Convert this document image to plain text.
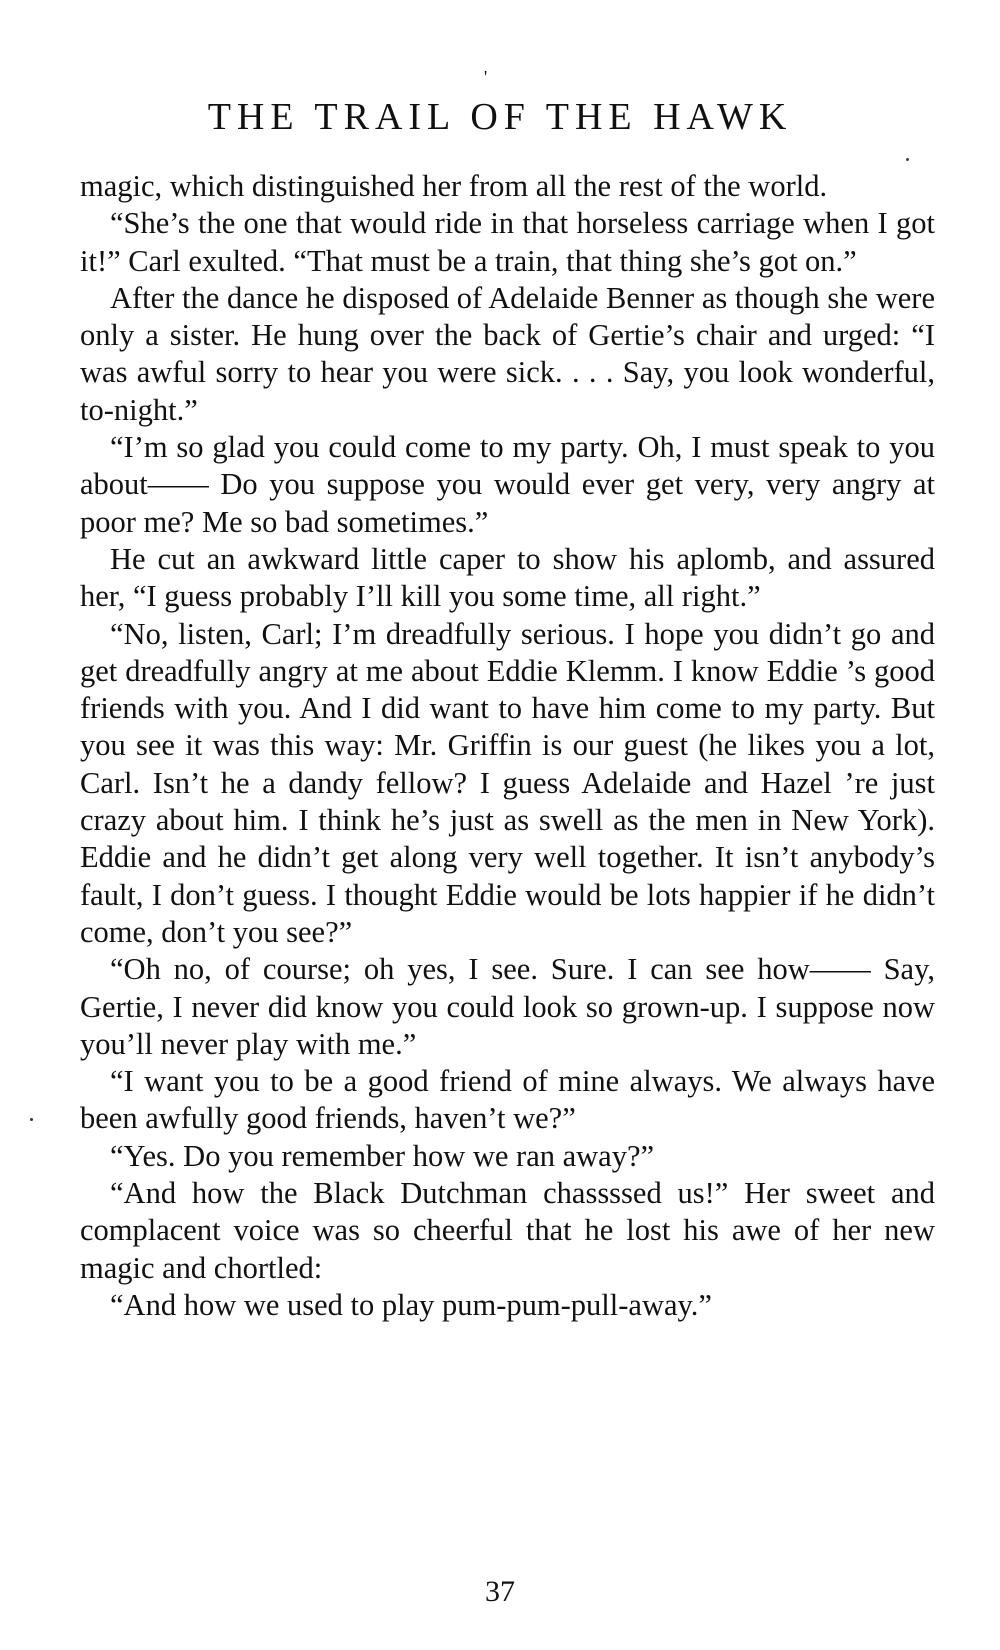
'
THE TRAIL OF THE HAWK

magic, which distinguished her from all the rest of the world.

“She’s the one that would ride in that horseless carriage when I got it!” Carl exulted. “That must be a train, that thing she’s got on.”

After the dance he disposed of Adelaide Benner as though she were only a sister. He hung over the back of Gertie’s chair and urged: “I was awful sorry to hear you were sick. . . . Say, you look wonderful, to-night.”

“I’m so glad you could come to my party. Oh, I must speak to you about—— Do you suppose you would ever get very, very angry at poor me? Me so bad sometimes.”

He cut an awkward little caper to show his aplomb, and assured her, “I guess probably I’ll kill you some time, all right.”

“No, listen, Carl; I’m dreadfully serious. I hope you didn’t go and get dreadfully angry at me about Eddie Klemm. I know Eddie ’s good friends with you. And I did want to have him come to my party. But you see it was this way: Mr. Griffin is our guest (he likes you a lot, Carl. Isn’t he a dandy fellow? I guess Adelaide and Hazel ’re just crazy about him. I think he’s just as swell as the men in New York). Eddie and he didn’t get along very well together. It isn’t anybody’s fault, I don’t guess. I thought Eddie would be lots happier if he didn’t come, don’t you see?”

“Oh no, of course; oh yes, I see. Sure. I can see how—— Say, Gertie, I never did know you could look so grown-up. I suppose now you’ll never play with me.”

“I want you to be a good friend of mine always. We always have been awfully good friends, haven’t we?”

“Yes. Do you remember how we ran away?”

“And how the Black Dutchman chassssed us!” Her sweet and complacent voice was so cheerful that he lost his awe of her new magic and chortled:

“And how we used to play pum-pum-pull-away.”

37
